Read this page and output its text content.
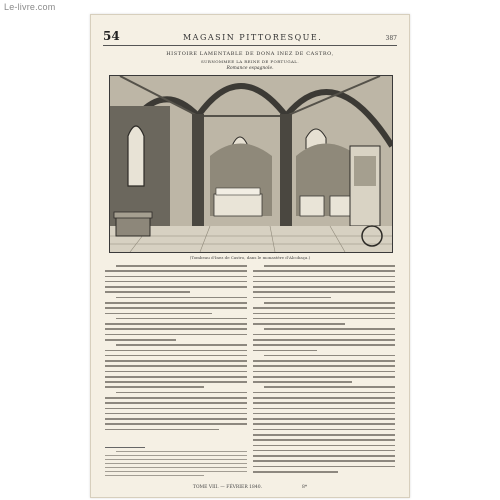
Le-livre.com
54	MAGASIN PITTORESQUE.	387
HISTOIRE LAMENTABLE DE DONA INEZ DE CASTRO,
SURNOMMEE LA REINE DE PORTUGAL.
Romance espagnole.
(Tombeau d'Inez de Castro, dans le monastère d'Alcobaça.)
TOME VIII. — FÉVRIER 1840.	8*
